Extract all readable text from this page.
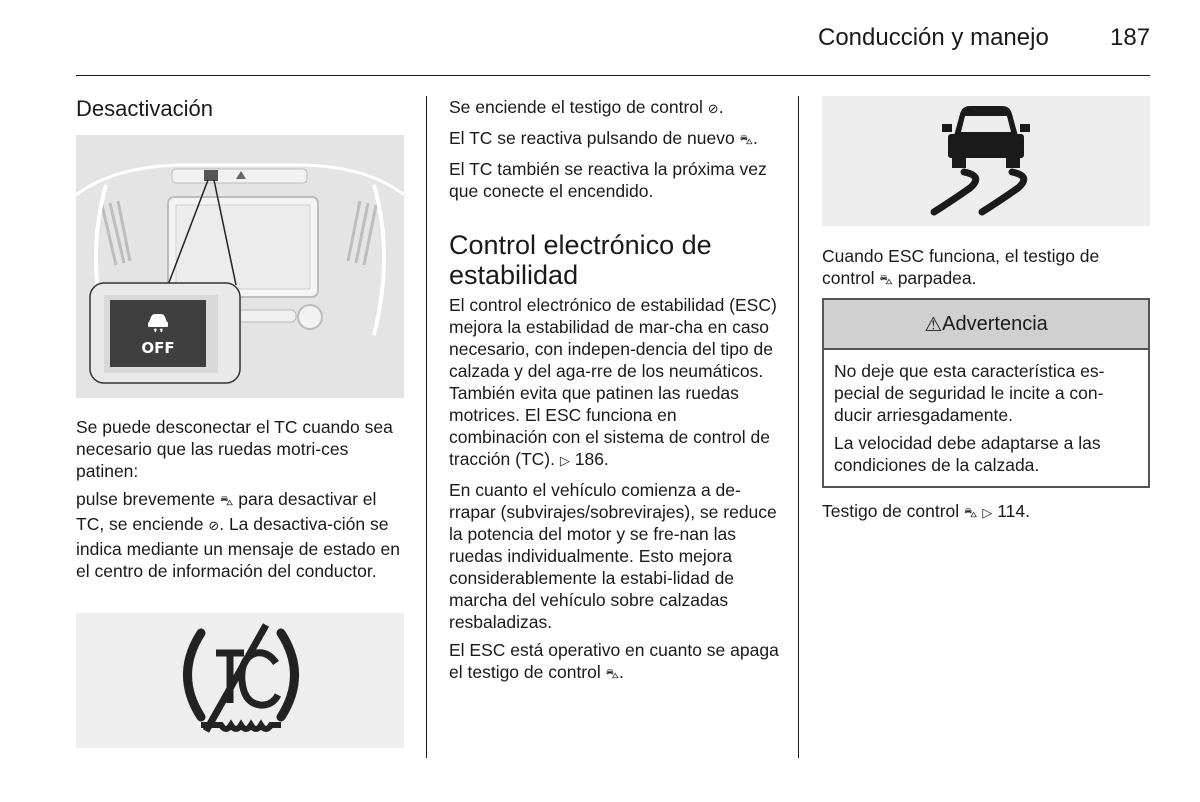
Conducción y manejo	187
Desactivación
OFF

Se puede desconectar el TC cuando sea necesario que las ruedas motri-ces patinen:

pulse brevemente ⛍ para desactivar el TC, se enciende ⊘. La desactiva-ción se indica mediante un mensaje de estado en el centro de información del conductor.

Se enciende el testigo de control ⊘.

El TC se reactiva pulsando de nuevo ⛍.

El TC también se reactiva la próxima vez que conecte el encendido.

Control electrónico de estabilidad

El control electrónico de estabilidad (ESC) mejora la estabilidad de mar-cha en caso necesario, con indepen-dencia del tipo de calzada y del aga-rre de los neumáticos. También evita que patinen las ruedas motrices. El ESC funciona en combinación con el sistema de control de tracción (TC). ▷ 186.

En cuanto el vehículo comienza a de-rrapar (subvirajes/sobrevirajes), se reduce la potencia del motor y se fre-nan las ruedas individualmente. Esto mejora considerablemente la estabi-lidad de marcha del vehículo sobre calzadas resbaladizas.

El ESC está operativo en cuanto se apaga el testigo de control ⛍.

Cuando ESC funciona, el testigo de control ⛍ parpadea.

⚠ Advertencia

No deje que esta característica es-pecial de seguridad le incite a con-ducir arriesgadamente.

La velocidad debe adaptarse a las condiciones de la calzada.

Testigo de control ⛍ ▷ 114.
